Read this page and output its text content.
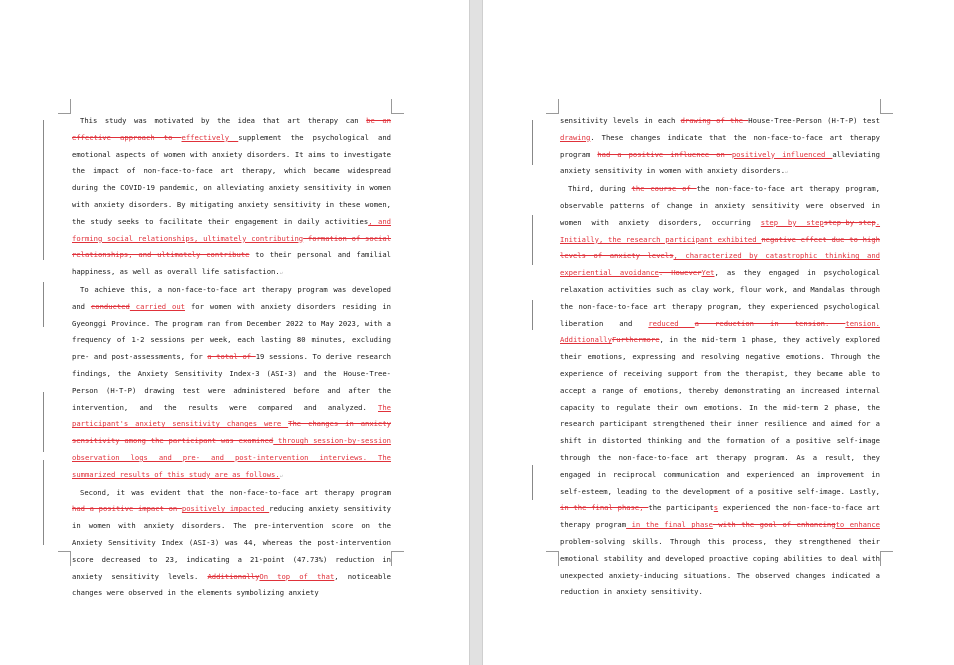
This study was motivated by the idea that art therapy can be an effective approach to effectively supplement the psychological and emotional aspects of women with anxiety disorders. It aims to investigate the impact of non-face-to-face art therapy, which became widespread during the COVID-19 pandemic, on alleviating anxiety sensitivity in women with anxiety disorders. By mitigating anxiety sensitivity in these women, the study seeks to facilitate their engagement in daily activities, and forming social relationships, ultimately contributing formation of social relationships, and ultimately contribute to their personal and familial happiness, as well as overall life satisfaction.↵

To achieve this, a non-face-to-face art therapy program was developed and conducted carried out for women with anxiety disorders residing in Gyeonggi Province. The program ran from December 2022 to May 2023, with a frequency of 1-2 sessions per week, each lasting 80 minutes, excluding pre- and post-assessments, for a total of 19 sessions. To derive research findings, the Anxiety Sensitivity Index-3 (ASI-3) and the House-Tree-Person (H-T-P) drawing test were administered before and after the intervention, and the results were compared and analyzed. The participant's anxiety sensitivity changes were The changes in anxiety sensitivity among the participant was examined through session-by-session observation logs and pre- and post-intervention interviews. The summarized results of this study are as follows.↵

Second, it was evident that the non-face-to-face art therapy program had a positive impact on positively impacted reducing anxiety sensitivity in women with anxiety disorders. The pre-intervention score on the Anxiety Sensitivity Index (ASI-3) was 44, whereas the post-intervention score decreased to 23, indicating a 21-point (47.73%) reduction in anxiety sensitivity levels. AdditionallyOn top of that, noticeable changes were observed in the elements symbolizing anxiety

sensitivity levels in each drawing of the House-Tree-Person (H-T-P) test drawing. These changes indicate that the non-face-to-face art therapy program had a positive influence on positively influenced alleviating anxiety sensitivity in women with anxiety disorders.↵

Third, during the course of the non-face-to-face art therapy program, observable patterns of change in anxiety sensitivity were observed in women with anxiety disorders, occurring step by stepstep-by-step. Initially, the research participant exhibited negative effect due to high levels of anxiety levels, characterized by catastrophic thinking and experiential avoidance. HoweverYet, as they engaged in psychological relaxation activities such as clay work, flour work, and Mandalas through the non-face-to-face art therapy program, they experienced psychological liberation and reduced a reduction in tension. tension. AdditionallyFurthermore, in the mid-term 1 phase, they actively explored their emotions, expressing and resolving negative emotions. Through the experience of receiving support from the therapist, they became able to accept a range of emotions, thereby demonstrating an increased internal capacity to regulate their own emotions. In the mid-term 2 phase, the research participant strengthened their inner resilience and aimed for a shift in distorted thinking and the formation of a positive self-image through the non-face-to-face art therapy program. As a result, they engaged in reciprocal communication and experienced an improvement in self-esteem, leading to the development of a positive self-image. Lastly, in the final phase, the participants experienced the non-face-to-face art therapy program in the final phase with the goal of enhancingto enhance problem-solving skills. Through this process, they strengthened their emotional stability and developed proactive coping abilities to deal with unexpected anxiety-inducing situations. The observed changes indicated a reduction in anxiety sensitivity.
